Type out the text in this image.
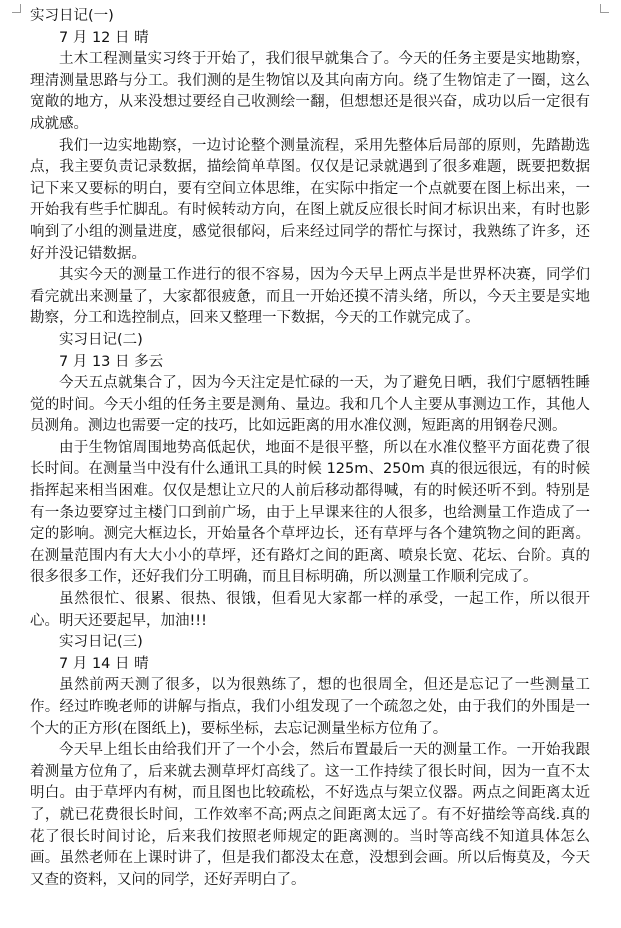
实习日记(一)

7 月 12 日 晴

土木工程测量实习终于开始了，我们很早就集合了。今天的任务主要是实地勘察，理清测量思路与分工。我们测的是生物馆以及其向南方向。绕了生物馆走了一圈，这么宽敞的地方，从来没想过要经自己收测绘一翻，但想想还是很兴奋，成功以后一定很有成就感。

我们一边实地勘察，一边讨论整个测量流程，采用先整体后局部的原则，先踏勘选点，我主要负责记录数据，描绘简单草图。仅仅是记录就遇到了很多难题，既要把数据记下来又要标的明白，要有空间立体思维，在实际中指定一个点就要在图上标出来，一开始我有些手忙脚乱。有时候转动方向，在图上就反应很长时间才标识出来，有时也影响到了小组的测量进度，感觉很郁闷，后来经过同学的帮忙与探讨，我熟练了许多，还好并没记错数据。

其实今天的测量工作进行的很不容易，因为今天早上两点半是世界杯决赛，同学们看完就出来测量了，大家都很疲惫，而且一开始还摸不清头绪，所以，今天主要是实地勘察，分工和选控制点，回来又整理一下数据，今天的工作就完成了。

实习日记(二)

7 月 13 日 多云

今天五点就集合了，因为今天注定是忙碌的一天，为了避免日晒，我们宁愿牺牲睡觉的时间。今天小组的任务主要是测角、量边。我和几个人主要从事测边工作，其他人员测角。测边也需要一定的技巧，比如远距离的用水准仪测，短距离的用钢卷尺测。

由于生物馆周围地势高低起伏，地面不是很平整，所以在水准仪整平方面花费了很长时间。在测量当中没有什么通讯工具的时候 125m、250m 真的很远很远，有的时候指挥起来相当困难。仅仅是想让立尺的人前后移动都得喊，有的时候还听不到。特别是有一条边要穿过主楼门口到前广场，由于上早课来往的人很多，也给测量工作造成了一定的影响。测完大框边长，开始量各个草坪边长，还有草坪与各个建筑物之间的距离。在测量范围内有大大小小的草坪，还有路灯之间的距离、喷泉长宽、花坛、台阶。真的很多很多工作，还好我们分工明确，而且目标明确，所以测量工作顺利完成了。

虽然很忙、很累、很热、很饿，但看见大家都一样的承受，一起工作，所以很开心。明天还要起早，加油!!!

实习日记(三)

7 月 14 日 晴

虽然前两天测了很多，以为很熟练了，想的也很周全，但还是忘记了一些测量工作。经过昨晚老师的讲解与指点，我们小组发现了一个疏忽之处，由于我们的外围是一个大的正方形(在图纸上)，要标坐标，去忘记测量坐标方位角了。

今天早上组长由给我们开了一个小会，然后布置最后一天的测量工作。一开始我跟着测量方位角了，后来就去测草坪灯高线了。这一工作持续了很长时间，因为一直不太明白。由于草坪内有树，而且图也比较疏松，不好选点与架立仪器。两点之间距离太近了，就已花费很长时间，工作效率不高;两点之间距离太远了。有不好描绘等高线.真的花了很长时间讨论，后来我们按照老师规定的距离测的。当时等高线不知道具体怎么画。虽然老师在上课时讲了，但是我们都没太在意，没想到会画。所以后悔莫及，今天又查的资料，又问的同学，还好弄明白了。
